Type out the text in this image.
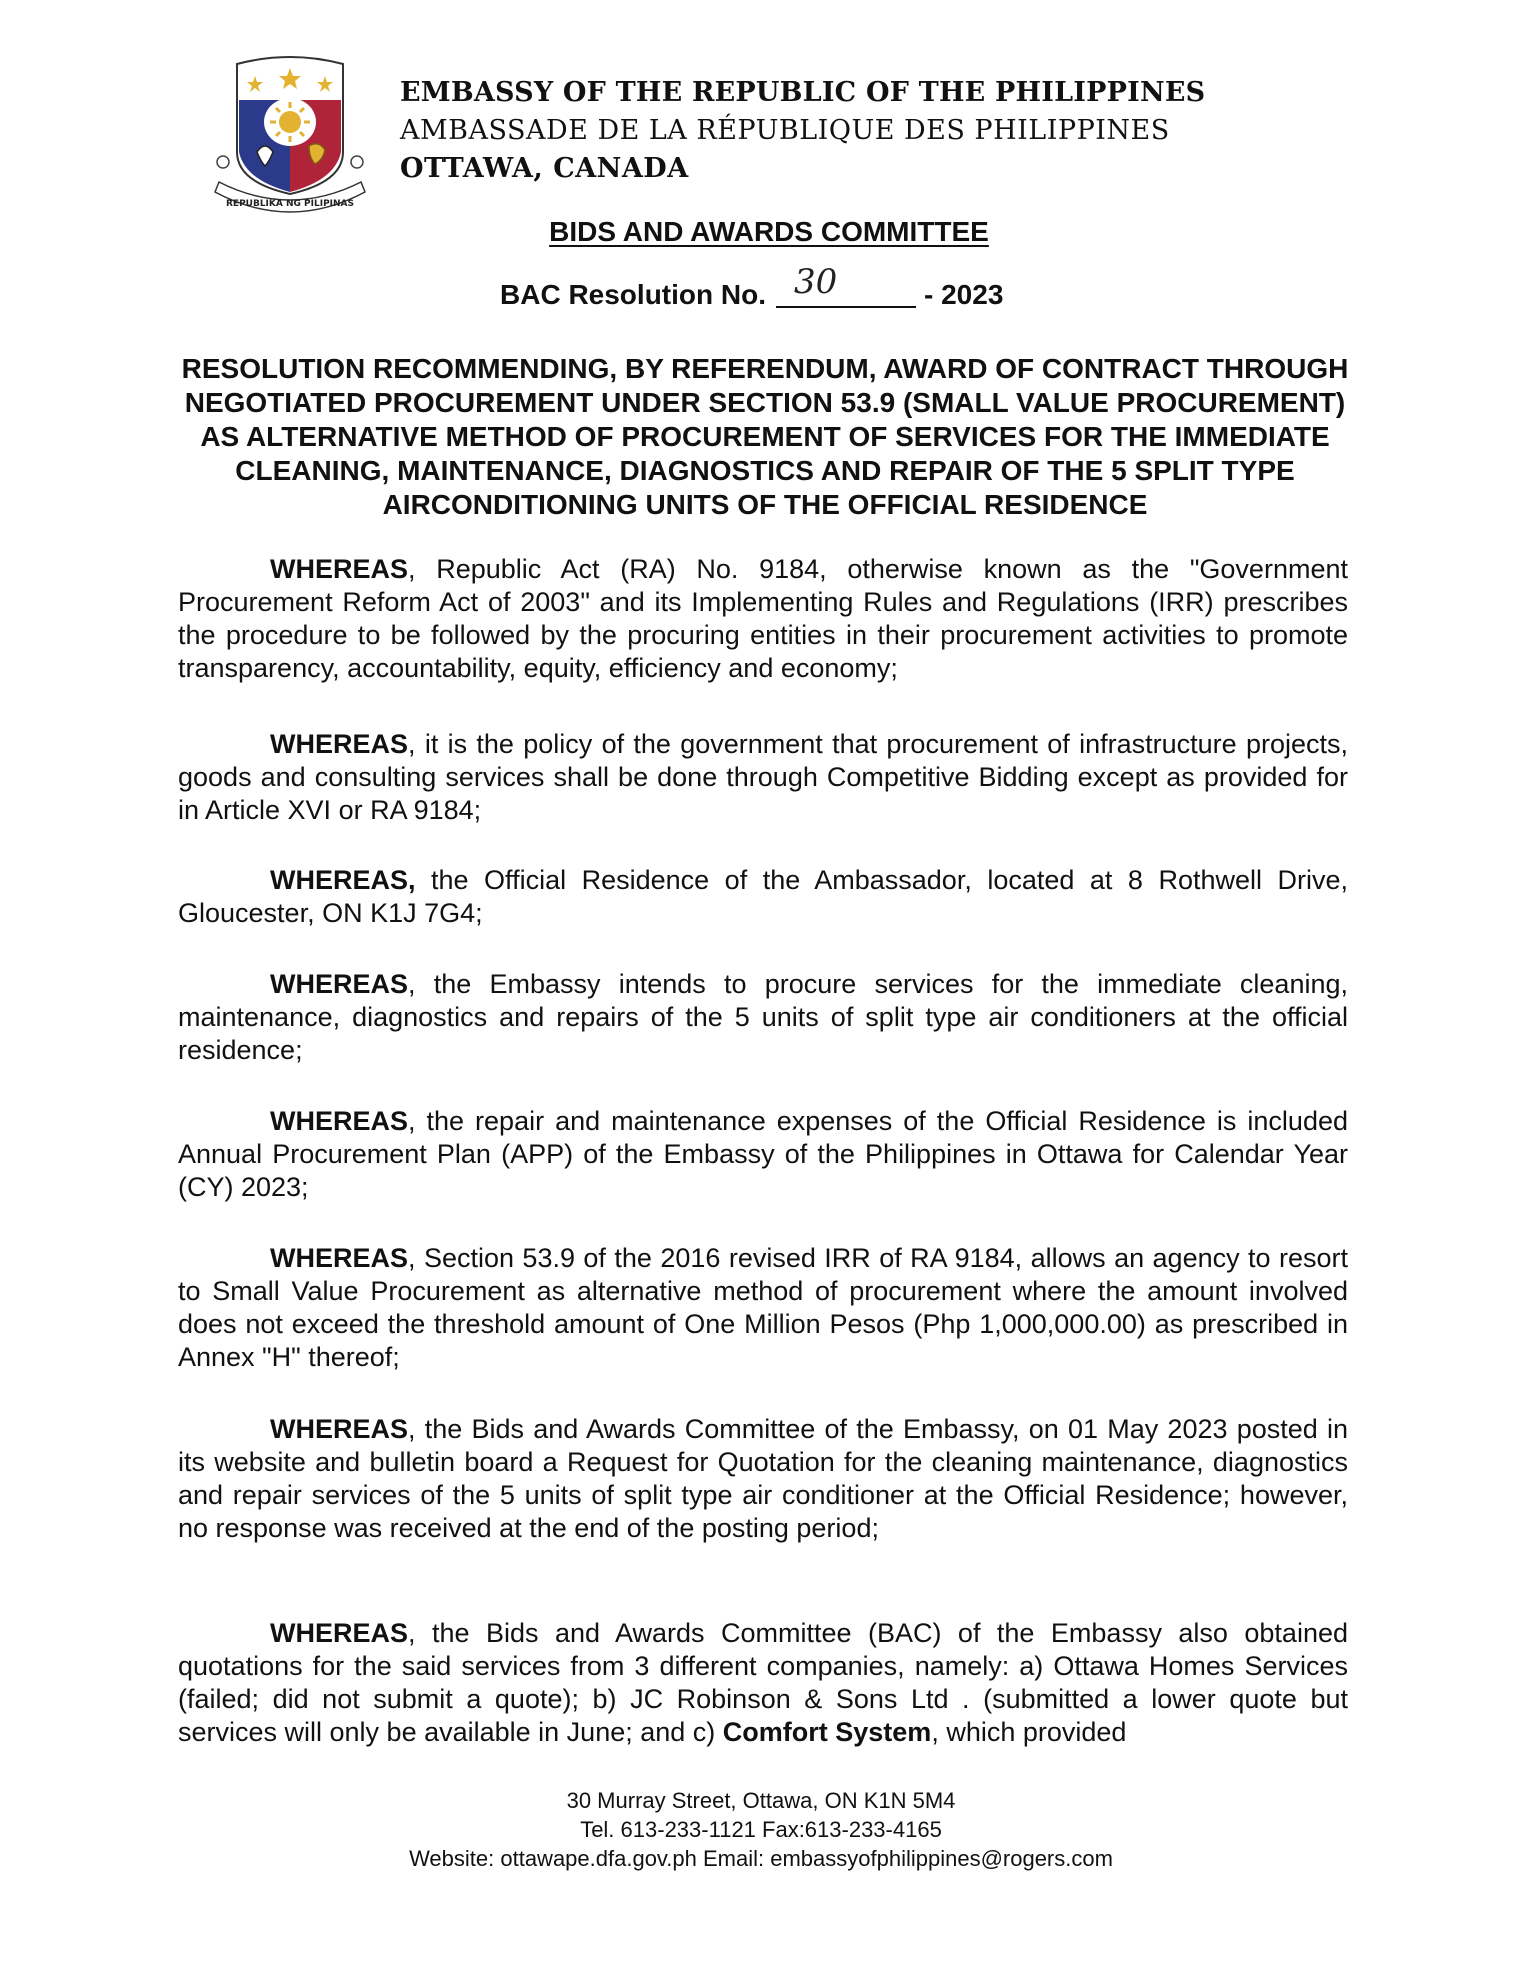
REPUBLIKA NG PILIPINAS
EMBASSY OF THE REPUBLIC OF THE PHILIPPINES
AMBASSADE DE LA RÉPUBLIQUE DES PHILIPPINES
OTTAWA, CANADA
BIDS AND AWARDS COMMITTEE
BAC Resolution No. 30	- 2023
RESOLUTION RECOMMENDING, BY REFERENDUM, AWARD OF CONTRACT THROUGH NEGOTIATED PROCUREMENT UNDER SECTION 53.9 (SMALL VALUE PROCUREMENT) AS ALTERNATIVE METHOD OF PROCUREMENT OF SERVICES FOR THE IMMEDIATE CLEANING, MAINTENANCE, DIAGNOSTICS AND REPAIR OF THE 5 SPLIT TYPE AIRCONDITIONING UNITS OF THE OFFICIAL RESIDENCE

WHEREAS, Republic Act (RA) No. 9184, otherwise known as the "Government Procurement Reform Act of 2003" and its Implementing Rules and Regulations (IRR) prescribes the procedure to be followed by the procuring entities in their procurement activities to promote transparency, accountability, equity, efficiency and economy;

WHEREAS, it is the policy of the government that procurement of infrastructure projects, goods and consulting services shall be done through Competitive Bidding except as provided for in Article XVI or RA 9184;

WHEREAS, the Official Residence of the Ambassador, located at 8 Rothwell Drive, Gloucester, ON K1J 7G4;

WHEREAS, the Embassy intends to procure services for the immediate cleaning, maintenance, diagnostics and repairs of the 5 units of split type air conditioners at the official residence;

WHEREAS, the repair and maintenance expenses of the Official Residence is included Annual Procurement Plan (APP) of the Embassy of the Philippines in Ottawa for Calendar Year (CY) 2023;

WHEREAS, Section 53.9 of the 2016 revised IRR of RA 9184, allows an agency to resort to Small Value Procurement as alternative method of procurement where the amount involved does not exceed the threshold amount of One Million Pesos (Php 1,000,000.00) as prescribed in Annex "H" thereof;

WHEREAS, the Bids and Awards Committee of the Embassy, on 01 May 2023 posted in its website and bulletin board a Request for Quotation for the cleaning maintenance, diagnostics and repair services of the 5 units of split type air conditioner at the Official Residence; however, no response was received at the end of the posting period;

WHEREAS, the Bids and Awards Committee (BAC) of the Embassy also obtained quotations for the said services from 3 different companies, namely: a) Ottawa Homes Services (failed; did not submit a quote); b) JC Robinson & Sons Ltd . (submitted a lower quote but services will only be available in June; and c) Comfort System, which provided

30 Murray Street, Ottawa, ON K1N 5M4
Tel. 613-233-1121 Fax:613-233-4165
Website: ottawape.dfa.gov.ph Email: embassyofphilippines@rogers.com
